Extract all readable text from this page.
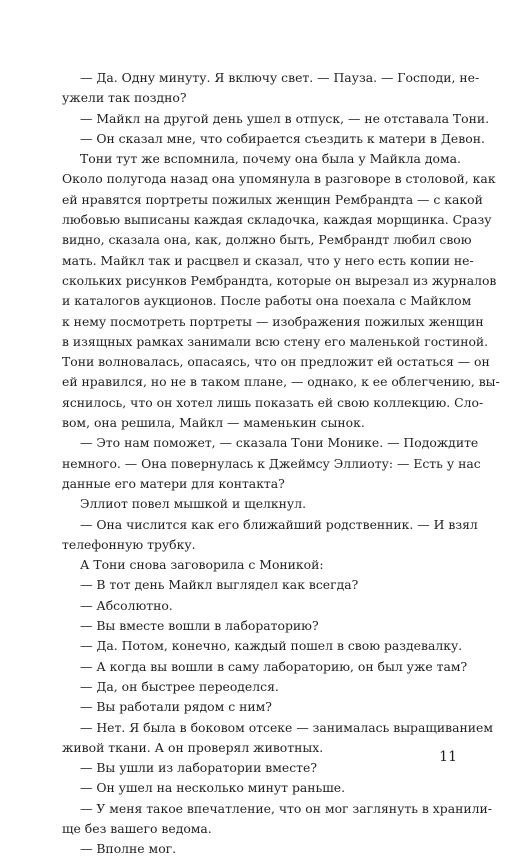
— Да. Одну минуту. Я включу свет. — Пауза. — Господи, не-
ужели так поздно?
— Майкл на другой день ушел в отпуск, — не отставала Тони.
— Он сказал мне, что собирается съездить к матери в Девон.
Тони тут же вспомнила, почему она была у Майкла дома.
Около полугода назад она упомянула в разговоре в столовой, как
ей нравятся портреты пожилых женщин Рембрандта — с какой
любовью выписаны каждая складочка, каждая морщинка. Сразу
видно, сказала она, как, должно быть, Рембрандт любил свою
мать. Майкл так и расцвел и сказал, что у него есть копии не-
скольких рисунков Рембрандта, которые он вырезал из журналов
и каталогов аукционов. После работы она поехала с Майклом
к нему посмотреть портреты — изображения пожилых женщин
в изящных рамках занимали всю стену его маленькой гостиной.
Тони волновалась, опасаясь, что он предложит ей остаться — он
ей нравился, но не в таком плане, — однако, к ее облегчению, вы-
яснилось, что он хотел лишь показать ей свою коллекцию. Сло-
вом, она решила, Майкл — маменькин сынок.
— Это нам поможет, — сказала Тони Монике. — Подождите
немного. — Она повернулась к Джеймсу Эллиоту: — Есть у нас
данные его матери для контакта?
Эллиот повел мышкой и щелкнул.
— Она числится как его ближайший родственник. — И взял
телефонную трубку.
А Тони снова заговорила с Моникой:
— В тот день Майкл выглядел как всегда?
— Абсолютно.
— Вы вместе вошли в лабораторию?
— Да. Потом, конечно, каждый пошел в свою раздевалку.
— А когда вы вошли в саму лабораторию, он был уже там?
— Да, он быстрее переоделся.
— Вы работали рядом с ним?
— Нет. Я была в боковом отсеке — занималась выращиванием
живой ткани. А он проверял животных.
— Вы ушли из лаборатории вместе?
— Он ушел на несколько минут раньше.
— У меня такое впечатление, что он мог заглянуть в хранили-
ще без вашего ведома.
— Вполне мог.
11
